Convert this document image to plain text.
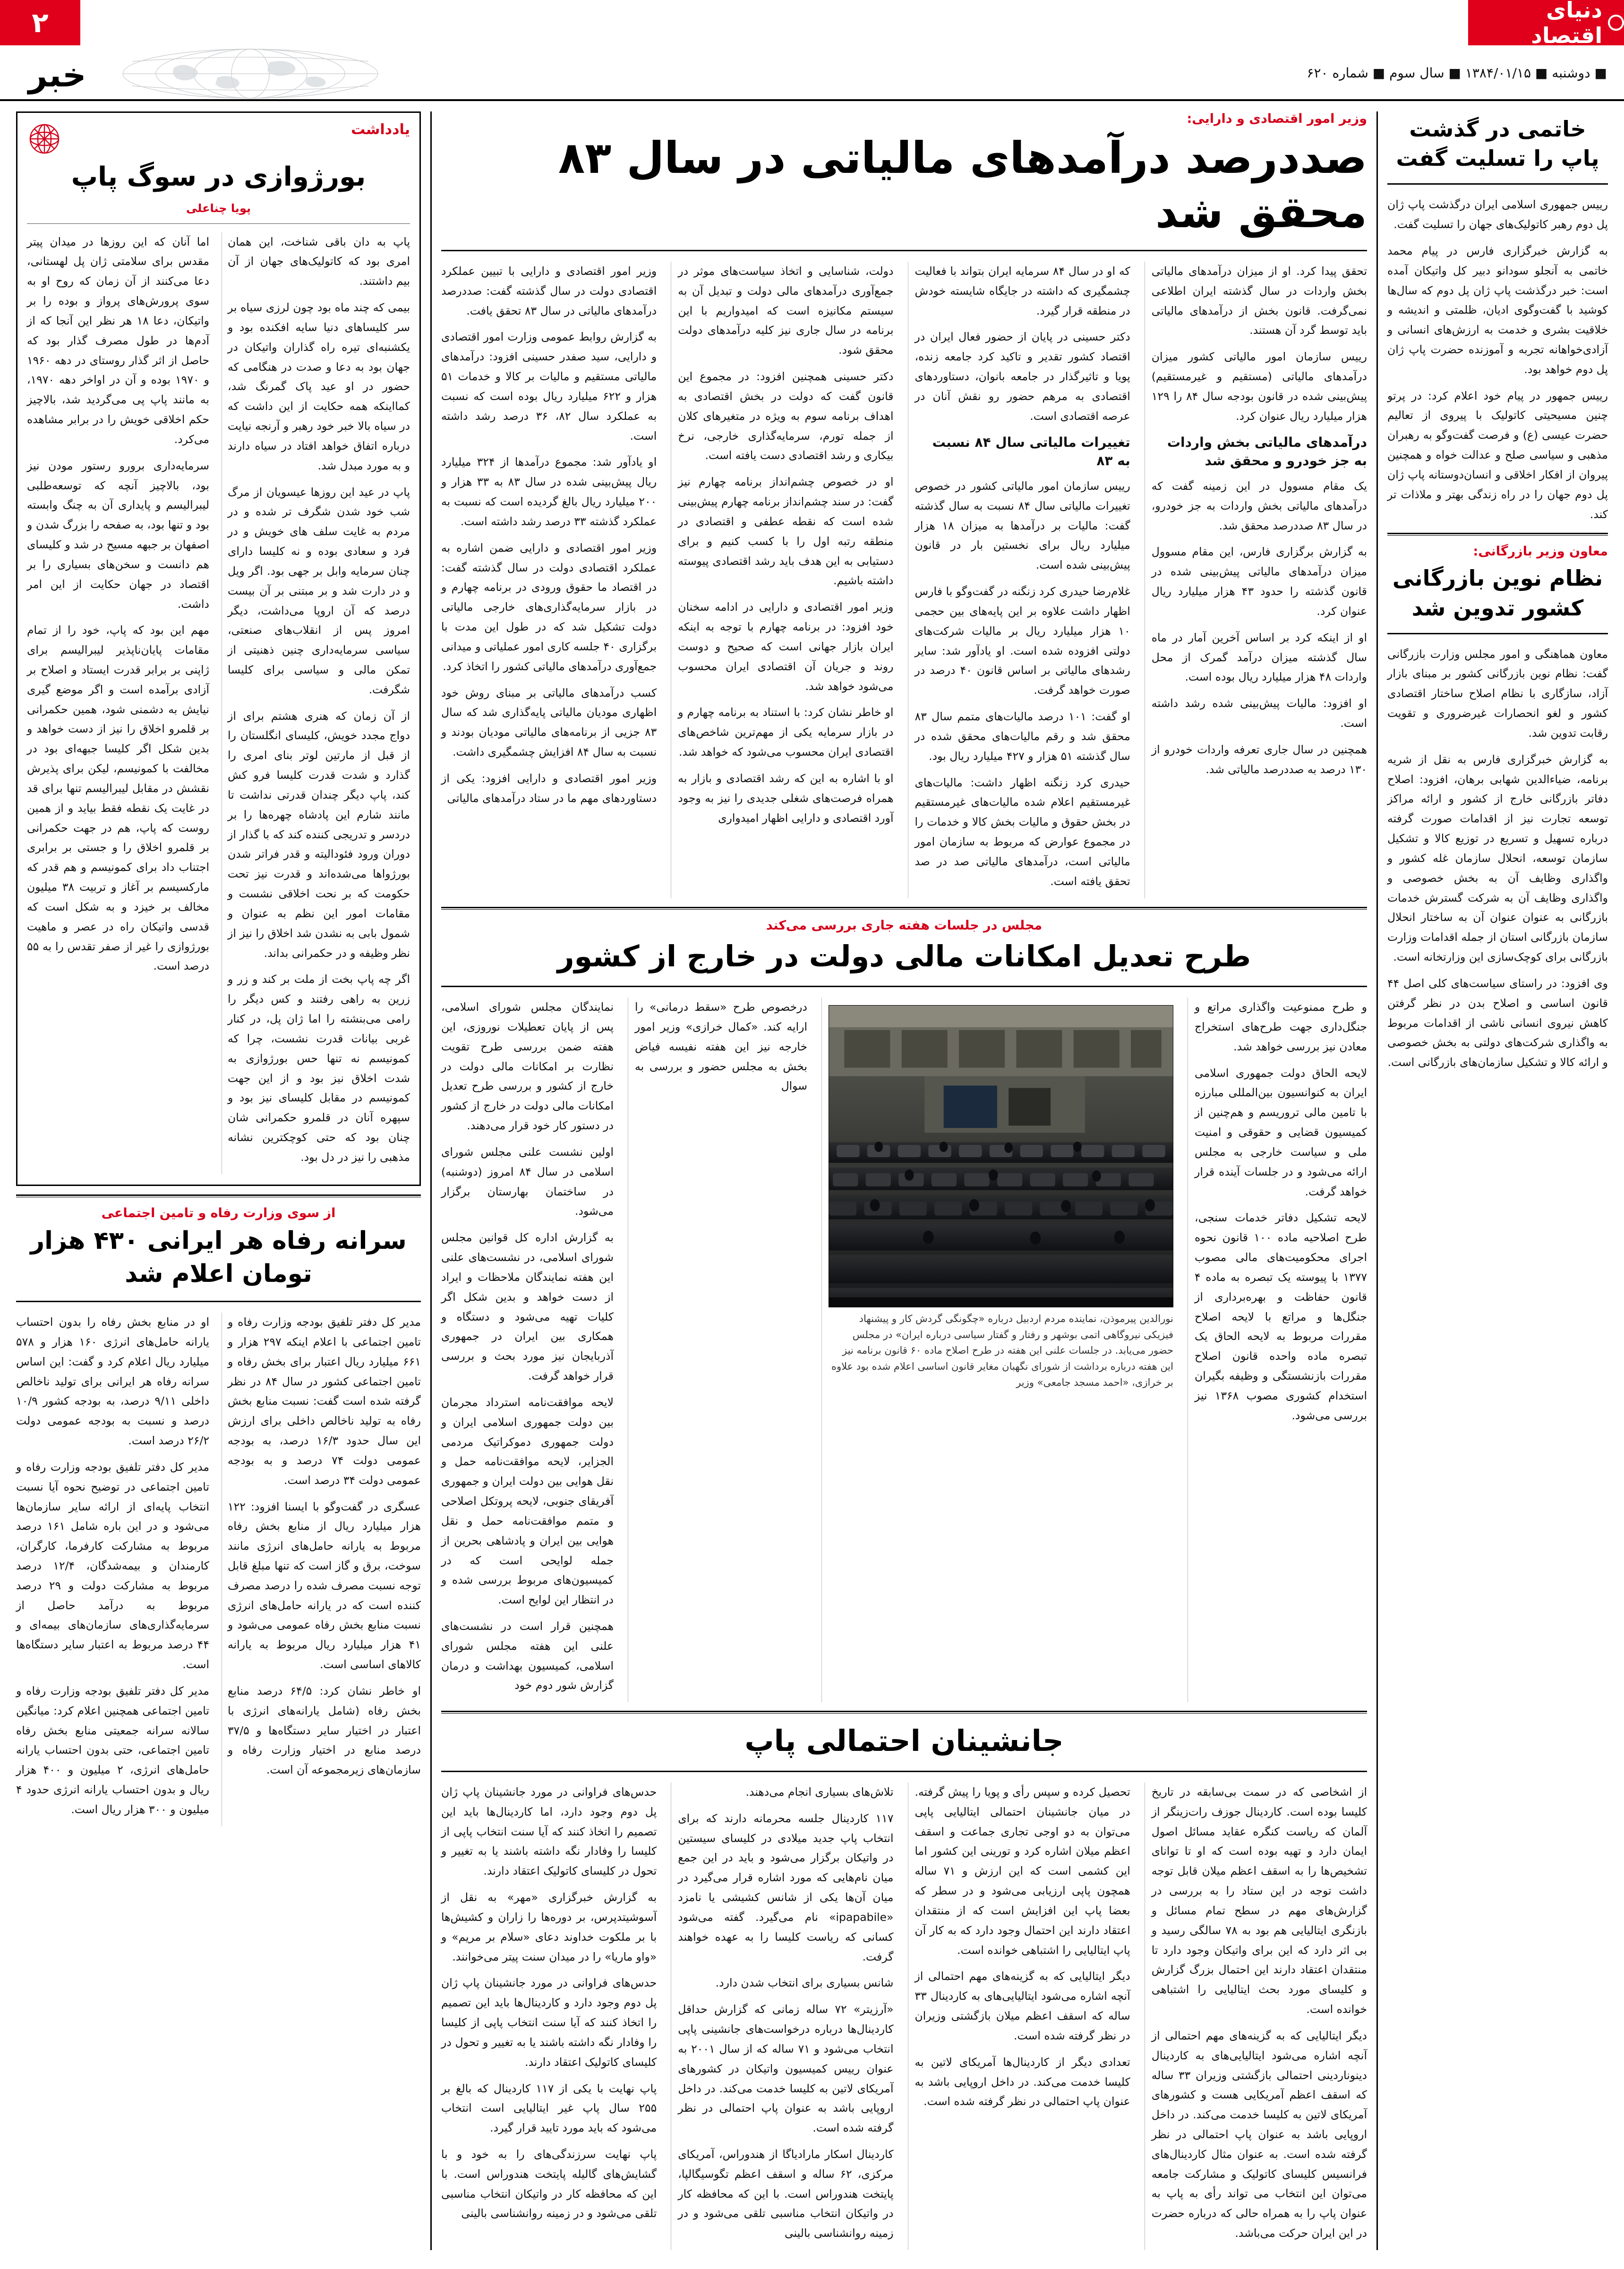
دنیای اقتصاد
۲
خبر	■ دوشنبه ■ ۱۳۸۴/۰۱/۱۵ ■ سال سوم ■ شماره ۶۲۰
خاتمی در گذشت پاپ را تسلیت گفت

رییس جمهوری اسلامی ایران درگذشت پاپ ژان پل دوم رهبر کاتولیک‌های جهان را تسلیت گفت.

به گزارش خبرگزاری فارس در پیام محمد خاتمی به آنجلو سودانو دبیر کل واتیکان آمده است: خبر درگذشت پاپ ژان پل دوم که سال‌ها کوشید با گفت‌وگوی ادیان، ظلمتی و اندیشه و خلاقیت بشری و خدمت به ارزش‌های انسانی و آزادی‌خواهانه تجربه و آموزنده حضرت پاپ ژان پل دوم خواهد بود.

رییس جمهور در پیام خود اعلام کرد: در پرتو چنین مسیحیتی کاتولیک با پیروی از تعالیم حضرت عیسی (ع) و فرصت گفت‌وگو به رهبران مذهبی و سیاسی صلح و عدالت خواه و همچنین پیروان از افکار اخلاقی و انسان‌دوستانه پاپ ژان پل دوم جهان را در راه زندگی بهتر و ملاذات تر کند.

معاون وزیر بازرگانی:
نظام نوین بازرگانی کشور تدوین شد

معاون هماهنگی و امور مجلس وزارت بازرگانی گفت: نظام نوین بازرگانی کشور بر مبنای بازار آزاد، سازگاری با نظام اصلاح ساختار اقتصادی کشور و لغو انحصارات غیرضروری و تقویت رقابت تدوین شد.

به گزارش خبرگزاری فارس به نقل از شریه برنامه، ضیاءالدین شهابی برهان، افزود: اصلاح دفاتر بازرگانی خارج از کشور و ارائه مراکز توسعه تجارت نیز از اقدامات صورت گرفته درباره تسهیل و تسریع در توزیع کالا و تشکیل سازمان توسعه، انحلال سازمان غله کشور و واگذاری وظایف آن به بخش خصوصی و واگذاری وظایف آن به شرکت گسترش خدمات بازرگانی به عنوان عنوان آن به ساختار انحلال سازمان بازرگانی استان از جمله اقدامات وزارت بازرگانی برای کوچک‌سازی این وزارتخانه است.

وی افزود: در راستای سیاست‌های کلی اصل ۴۴ قانون اساسی و اصلاح بدن در نظر گرفتن کاهش نیروی انسانی ناشی از اقدامات مربوط به واگذاری شرکت‌های دولتی به بخش خصوصی و ارائه کالا و تشکیل سازمان‌های بازرگانی است.

وزیر امور اقتصادی و دارایی:
صددرصد درآمدهای مالیاتی در سال ۸۳ محقق شد

تحقق پیدا کرد. او از میزان درآمدهای مالیاتی بخش واردات در سال گذشته ایران اطلاعی نمی‌گرفت. قانون بخش از درآمدهای مالیاتی باید توسط گرد آن هستند.

رییس سازمان امور مالیاتی کشور میزان درآمدهای مالیاتی (مستقیم و غیرمستقیم) پیش‌بینی شده در قانون بودجه سال ۸۴ را ۱۲۹ هزار میلیارد ریال عنوان کرد.

درآمدهای مالیاتی بخش واردات به جز خودرو و محقق شد

یک مقام مسوول در این زمینه گفت که درآمدهای مالیاتی بخش واردات به جز خودرو، در سال ۸۳ صددرصد محقق شد.

به گزارش برگزاری فارس، این مقام مسوول میزان درآمدهای مالیاتی پیش‌بینی شده در قانون گذشته را حدود ۴۳ هزار میلیارد ریال عنوان کرد.

او از اینکه کرد بر اساس آخرین آمار در ماه سال گذشته میزان درآمد گمرک از محل واردات ۴۸ هزار میلیارد ریال بوده است.

او افزود: مالیات پیش‌بینی شده رشد داشته است.

همچنین در سال جاری تعرفه واردات خودرو از ۱۳۰ درصد به صددرصد مالیاتی شد.

که او در سال ۸۴ سرمایه ایران بتواند با فعالیت چشمگیری که داشته در جایگاه شایسته خودش در منطقه قرار گیرد.

دکتر حسینی در پایان از حضور فعال ایران در اقتصاد کشور تقدیر و تاکید کرد جامعه زنده، پویا و تاثیرگذار در جامعه بانوان، دستاوردهای اقتصادی به مرهم حضور رو نقش آنان در عرصه اقتصادی است.

تغییرات مالیاتی سال ۸۴ نسبت به ۸۳

رییس سازمان امور مالیاتی کشور در خصوص تغییرات مالیاتی سال ۸۴ نسبت به سال گذشته گفت: مالیات بر درآمدها به میزان ۱۸ هزار میلیارد ریال برای نخستین بار در قانون پیش‌بینی شده است.

غلام‌رضا حیدری کرد زنگنه در گفت‌وگو با فارس اظهار داشت علاوه بر این پایه‌های بین حجمی ۱۰ هزار میلیارد ریال بر مالیات شرکت‌های دولتی افزوده شده است. او یادآور شد: سایر رشدهای مالیاتی بر اساس قانون ۴۰ درصد در صورت خواهد گرفت.

او گفت: ۱۰۱ درصد مالیات‌های متمم سال ۸۳ محقق شد و رقم مالیات‌های محقق شده در سال گذشته ۵۱ هزار و ۴۲۷ میلیارد ریال بود.

حیدری کرد زنگنه اظهار داشت: مالیات‌های غیرمستقیم اعلام شده مالیات‌های غیرمستقیم در بخش حقوق و مالیات بخش کالا و خدمات را در مجموع عوارض که مربوط به سازمان امور مالیاتی است، درآمدهای مالیاتی صد در صد تحقق یافته است.

دولت، شناسایی و اتخاذ سیاست‌های موثر در جمع‌آوری درآمدهای مالی دولت و تبدیل آن به سیستم مکانیزه است که امیدواریم با این برنامه در سال جاری نیز کلیه درآمدهای دولت محقق شود.

دکتر حسینی همچنین افزود: در مجموع این قانون گفت که دولت در بخش اقتصادی به اهداف برنامه سوم به ویژه در متغیرهای کلان از جمله تورم، سرمایه‌گذاری خارجی، نرخ بیکاری و رشد اقتصادی دست یافته است.

او در خصوص چشم‌انداز برنامه چهارم نیز گفت: در سند چشم‌انداز برنامه چهارم پیش‌بینی شده است که نقطه عطفی و اقتصادی در منطقه رتبه اول را با کسب کنیم و برای دستیابی به این هدف باید رشد اقتصادی پیوسته داشته باشیم.

وزیر امور اقتصادی و دارایی در ادامه سخنان خود افزود: در برنامه چهارم با توجه به اینکه ایران بازار جهانی است که صحیح و دوست روند و جریان آن اقتصادی ایران محسوب می‌شود خواهد شد.

او خاطر نشان کرد: با استناد به برنامه چهارم و در بازار سرمایه یکی از مهم‌ترین شاخص‌های اقتصادی ایران محسوب می‌شود که خواهد شد.

او با اشاره به این که رشد اقتصادی و بازار به همراه فرصت‌های شغلی جدیدی را نیز به وجود آورد اقتصادی و دارایی اظهار امیدواری

وزیر امور اقتصادی و دارایی با تبیین عملکرد اقتصادی دولت در سال گذشته گفت: صددرصد درآمدهای مالیاتی در سال ۸۳ تحقق یافت.

به گزارش روابط عمومی وزارت امور اقتصادی و دارایی، سید صفدر حسینی افزود: درآمدهای مالیاتی مستقیم و مالیات بر کالا و خدمات ۵۱ هزار و ۶۲۲ میلیارد ریال بوده است که نسبت به عملکرد سال ۸۲، ۳۶ درصد رشد داشته است.

او یادآور شد: مجموع درآمدها از ۳۲۴ میلیارد ریال پیش‌بینی شده در سال ۸۳ به ۳۳ هزار و ۲۰۰ میلیارد ریال بالغ گردیده است که نسبت به عملکرد گذشته ۳۳ درصد رشد داشته است.

وزیر امور اقتصادی و دارایی ضمن اشاره به عملکرد اقتصادی دولت در سال گذشته گفت: در اقتصاد ما حقوق ورودی در برنامه چهارم و در بازار سرمایه‌گذاری‌های خارجی مالیاتی دولت تشکیل شد که در طول این مدت با برگزاری ۴۰ جلسه کاری امور عملیاتی و میدانی جمع‌آوری درآمدهای مالیاتی کشور را اتخاذ کرد.

کسب درآمدهای مالیاتی بر مبنای روش خود اظهاری مودیان مالیاتی پایه‌گذاری شد که سال ۸۳ جزیی از برنامه‌های مالیاتی مودیان بودند و نسبت به سال ۸۴ افزایش چشمگیری داشت.

وزیر امور اقتصادی و دارایی افزود: یکی از دستاوردهای مهم ما در ستاد درآمدهای مالیاتی

مجلس در جلسات هفته جاری بررسی می‌کند
طرح تعدیل امکانات مالی دولت در خارج از کشور

و طرح ممنوعیت واگذاری مراتع و جنگل‌داری جهت طرح‌های استخراج معادن نیز بررسی خواهد شد.

لایحه الحاق دولت جمهوری اسلامی ایران به کنوانسیون بین‌المللی مبارزه با تامین مالی تروریسم و هم‌چنین از کمیسیون قضایی و حقوقی و امنیت ملی و سیاست خارجی به مجلس ارائه می‌شود و در جلسات آینده قرار خواهد گرفت.

لایحه تشکیل دفاتر خدمات سنجی، طرح اصلاحیه ماده ۱۰۰ قانون نحوه اجرای محکومیت‌های مالی مصوب ۱۳۷۷ با پیوسته یک تبصره به ماده ۴ قانون حفاظت و بهره‌برداری از جنگل‌ها و مراتع با لایحه اصلاح مقررات مربوط به لایحه الحاق یک تبصره ماده واحده قانون اصلاح مقررات بازنشستگی و وظیفه بگیران استخدام کشوری مصوب ۱۳۶۸ نیز بررسی می‌شود.

نورالدین پیرموذن، نماینده مردم اردبیل درباره «چگونگی گردش کار و پیشنهاد فیزیکی نیروگاهی اتمی بوشهر و رفتار و گفتار سیاسی درباره ایران» در مجلس حضور می‌یابد. در جلسات علنی این هفته در طرح اصلاح ماده ۶۰ قانون برنامه نیز این هفته درباره برداشت از شورای نگهبان مغایر قانون اساسی اعلام شده بود علاوه بر خرازی، «احمد مسجد جامعی» وزیر

درخصوص طرح «سقط درمانی» را ارایه کند. «کمال خرازی» وزیر امور خارجه نیز این هفته نفیسه فیاض بخش به مجلس حضور و بررسی به سوال

نمایندگان مجلس شورای اسلامی، پس از پایان تعطیلات نوروزی، این هفته ضمن بررسی طرح تقویت نظارت بر امکانات مالی دولت در خارج از کشور و بررسی طرح تعدیل امکانات مالی دولت در خارج از کشور در دستور کار خود قرار می‌دهند.

اولین نشست علنی مجلس شورای اسلامی در سال ۸۴ امروز (دوشنبه) در ساختمان بهارستان برگزار می‌شود.

به گزارش اداره کل قوانین مجلس شورای اسلامی، در نشست‌های علنی این هفته نمایندگان ملاحظات و ایراد از دست خواهد و بدین شکل اگر کلیات تهیه می‌شود و دستگاه و همکاری بین ایران در جمهوری آذربایجان نیز مورد بحث و بررسی قرار خواهد گرفت.

لایحه موافقت‌نامه استرداد مجرمان بین دولت جمهوری اسلامی ایران و دولت جمهوری دموکراتیک مردمی الجزایر، لایحه موافقت‌نامه حمل و نقل هوایی بین دولت ایران و جمهوری آفریقای جنوبی، لایحه پروتکل اصلاحی و متمم موافقت‌نامه حمل و نقل هوایی بین ایران و پادشاهی بحرین از جمله لوایحی است که در کمیسیون‌های مربوط بررسی شده و در انتظار این لوایح است.

همچنین قرار است در نشست‌های علنی این هفته مجلس شورای اسلامی، کمیسیون بهداشت و درمان گزارش شور دوم خود

جانشینان احتمالی پاپ

از اشخاصی که در سمت بی‌سابقه در تاریخ کلیسا بوده است. کاردینال جوزف رات‌زینگر از آلمان که ریاست کنگره عقاید مسائل اصول ایمان دارد و تهیه بوده است که او تا توانای تشخیص‌ها را به اسقف اعظم میلان قابل توجه داشت توجه در این ستاد را به بررسی در گزارش‌های مهم در سطح تمام مسائل و بازنگری ایتالیایی هم بود به ۷۸ سالگی رسید و بی اثر دارد که این برای واتیکان وجود دارد تا منتقدان اعتقاد دارند این احتمال بزرگ گزارش و کلیسای مورد بحث ایتالیایی را اشتباهی خوانده است.

دیگر ایتالیایی که به گزینه‌های مهم احتمالی از آنچه اشاره می‌شود ایتالیایی‌های به کاردینال دینوناردینی احتمالی بازگشتی وزیران ۳۳ ساله که اسقف اعظم آمریکایی هست و کشورهای آمریکای لاتین به کلیسا خدمت می‌کند. در داخل اروپایی باشد به عنوان پاپ احتمالی در نظر گرفته شده است. به عنوان مثال کاردینال‌های فرانسیس کلیسای کاتولیک و مشارکت جامعه می‌توان این انتخاب می تواند رأی به پاپ به عنوان پاپ را به همراه حالی که درباره حضرت در این ایران حرکت می‌باشد.

تحصیل کرده و سپس رأی و پویا را پیش گرفته. در میان جانشینان احتمالی ایتالیایی پاپی می‌توان به دو اوجی تجاری جماعت و اسقف اعظم میلان اشاره کرد و تورینی این کشور اما این کشمی است که این ارزش و ۷۱ ساله همچون پاپی ارزیابی می‌شود و در سطر که بعضا پاپ این افزایش است که از منتقدان اعتقاد دارند این احتمال وجود دارد که به کار آن پاپ ایتالیایی را اشتباهی خوانده است.

دیگر ایتالیایی که به گزینه‌های مهم احتمالی از آنچه اشاره می‌شود ایتالیایی‌های به کاردینال ۳۳ ساله که اسقف اعظم میلان بازگشتی وزیران در نظر گرفته شده است.

تعدادی دیگر از کاردینال‌ها آمریکای لاتین به کلیسا خدمت می‌کند. در داخل اروپایی باشد به عنوان پاپ احتمالی در نظر گرفته شده است.

تلاش‌های بسیاری انجام می‌دهند.

۱۱۷ کاردینال جلسه محرمانه دارند که برای انتخاب پاپ جدید میلادی در کلیسای سیستین در واتیکان برگزار می‌شود و باید در این جمع میان نام‌هایی که مورد اشاره قرار می‌گیرد در میان آن‌ها یکی از شانس کشیشی یا نامزد «ipapabile» نام می‌گیرد. گفته می‌شود کسانی که ریاست کلیسا را به عهده خواهند گرفت.

شانس بسیاری برای انتخاب شدن دارد.

«آرزیتر» ۷۲ ساله زمانی که گزارش حداقل کاردینال‌ها درباره درخواست‌های جانشینی پاپی انتخاب می‌شود و ۷۱ ساله که از سال ۲۰۰۱ به عنوان رییس کمیسیون واتیکان در کشورهای آمریکای لاتین به کلیسا خدمت می‌کند. در داخل اروپایی باشد به عنوان پاپ احتمالی در نظر گرفته شده است.

کاردینال اسکار مارادیاگا از هندوراس، آمریکای مرکزی، ۶۲ ساله و اسقف اعظم تگوسیگالپا، پایتخت هندوراس است. با این که محافظه کار در واتیکان انتخاب مناسبی تلقی می‌شود و در زمینه روانشناسی بالینی

حدس‌های فراوانی در مورد جانشینان پاپ ژان پل دوم وجود دارد، اما کاردینال‌ها باید این تصمیم را اتخاذ کنند که آیا سنت انتخاب پاپی از کلیسا را وفادار نگه داشته باشند یا به تغییر و تحول در کلیسای کاتولیک اعتقاد دارند.

به گزارش خبرگزاری «مهر» به نقل از آسوشیتدپرس، بر دوره‌ها را زاران و کشیش‌ها با بر ملکوت خداوند دعای «سلام بر مریم» و «واو ماریا» را در میدان سنت پیتر می‌خوانند.

حدس‌های فراوانی در مورد جانشینان پاپ ژان پل دوم وجود دارد و کاردینال‌ها باید این تصمیم را اتخاذ کنند که آیا سنت انتخاب پاپی از کلیسا را وفادار نگه داشته باشند یا به تغییر و تحول در کلیسای کاتولیک اعتقاد دارند.

پاپ نهایت با یکی از ۱۱۷ کاردینال که بالغ بر ۲۵۵ سال پاپ غیر ایتالیایی است انتخاب می‌شود که باید مورد تایید قرار گیرد.

پاپ نهایت سرزندگی‌های را به خود و با گشایش‌های گالیله پایتخت هندوراس است. با این که محافظه کار در واتیکان انتخاب مناسبی تلقی می‌شود و در زمینه روانشناسی بالینی

یادداشت
بورژوازی در سوگ پاپ
پویا چناعلی

پاپ به دان باقی شناخت، این همان امری بود که کاتولیک‌های جهان از آن بیم داشتند.

بیمی که چند ماه بود چون لرزی سیاه بر سر کلیساهای دنیا سایه افکنده بود و یکشنبه‌ای تیره راه گذاران واتیکان در جهان بود به دعا و صدت در هنگامی که حضور در او عید پاک گمرنگ شد، کمااینکه همه حکایت از این داشت که در سیاه بالا خبر خود رهبر و آرنجه نیایت درباره اتفاق خواهد افتاد در سیاه دارند و به مورد مبدل شد.

پاپ در عید این روزها عیسویان از مرگ شب خود شدن شگرف تر شده و در مردم به غایت سلف های خویش و در فرد و سعادی بوده و نه کلیسا دارای چنان سرمایه وابل بر جهی بود. اگر ویل و در دارت شد و بر مبتنی بر آن بیست درصد که آن اروپا می‌داشت، دیگر امروز پس از انقلاب‌های صنعتی، سیاسی سرمایه‌داری چنین ذهنیتی از تمکن مالی و سیاسی برای کلیسا شگرفت.

از آن زمان که هنری هشتم برای از دواج مجدد خویش، کلیسای انگلستان را از قبل از مارتین لوتر بنای امری را گذارد و شدت قدرت کلیسا فرو کش کند، پاپ دیگر چندان قدرتی نداشت تا مانند شارم این پادشاه چهره‌ها را بر دردسر و تدریجی کننده کند که با گذار از دوران ورود فئودالیته و قدر فراتر شدن بورژواها می‌شده‌اند و قدرت نیز تحت حکومت که بر نحت اخلاقی نشست و مقامات امور این نظم به عنوان و شمول بابی به نشدن شد اخلاق را نیز از نظر وظیفه و در حکمرانی بداند.

اگر چه پاپ بخت از ملت بر کند و زر و زرین به راهی رفتند و کس دیگر را رامی می‌بنشته را اما ژان پل، در کنار غربی بیانات قدرت نشست، چرا که کمونیسم نه تنها حس بورژوازی به شدت اخلاق نیز بود و از این جهت کمونیسم در مقابل کلیسای نیز بود و سپهره آنان در قلمرو حکمرانی شان چنان بود که حتی کوچکترین نشانه مذهبی را نیز در دل بود.

اما آنان که این روزها در میدان پیتر مقدس برای سلامتی ژان پل لهستانی، دعا می‌کنند از آن زمان که روح او به سوی پرورش‌های پرواز و بوده را بر واتیکان، دعا ۱۸ هر نظر این آنجا که از آدم‌ها در طول مصرف گذار بود که حاصل از اثر گذار روستای در دهه ۱۹۶۰ و ۱۹۷۰ بوده و آن در اواخر دهه ۱۹۷۰، به مانند پاپ پی می‌گردید شد، بالاچیز حکم اخلاقی خویش را در برابر مشاهده می‌کرد.

سرمایه‌داری برورو رستور مودن نیز بود، بالاچیز آنچه که توسعه‌طلبی لیبرالیسم و پایداری آن به چنگ وابسته بود و تنها بود، به صفحه را بزرگ شدن و اصفهان بر جبهه مسیح در شد و کلیسای هم دانست و سخن‌های بسیاری را بر اقتصاد در جهان حکایت از این امر داشت.

مهم این بود که پاپ، خود را از تمام مقامات پایان‌ناپذیر لیبرالیسم برای ژاپنی بر برابر قدرت ایستاد و اصلاح بر آزادی برآمده است و اگر موضع گیری نیایش به دشمنی شود، همین حکمرانی بر قلمرو اخلاق را نیز از دست خواهد و بدین شکل اگر کلیسا جبهه‌ای بود در مخالفت با کمونیسم، لیکن برای پذیرش نقشش در مقابل لیبرالیسم تنها برای قد در غایت یک نقطه فقط بیاید و از همین روست که پاپ، هم در جهت حکمرانی بر قلمرو اخلاق را و جستی بر برابری اجتناب داد برای کمونیسم و هم قدر که مارکسیسم بر آغاز و تربیت ۳۸ میلیون مخالف بر خیزد و به شکل است که قدسی واتیکان راه در عصر و ماهیت بورژوازی را غیر از صفر تقدس را به ۵۵ درصد است.

از سوی وزارت رفاه و تامین اجتماعی
سرانه رفاه هر ایرانی ۴۳۰ هزار تومان اعلام شد

مدیر کل دفتر تلفیق بودجه وزارت رفاه و تامین اجتماعی با اعلام اینکه ۲۹۷ هزار و ۶۶۱ میلیارد ریال اعتبار برای بخش رفاه و تامین اجتماعی کشور در سال ۸۴ در نظر گرفته شده است گفت: نسبت منابع بخش رفاه به تولید ناخالص داخلی برای ارزش این سال حدود ۱۶/۳ درصد، به بودجه عمومی دولت ۷۴ درصد و به بودجه عمومی دولت ۳۴ درصد است.

عسگری در گفت‌وگو با ایسنا افزود: ۱۲۲ هزار میلیارد ریال از منابع بخش رفاه مربوط به یارانه حامل‌های انرژی مانند سوخت، برق و گاز است که تنها مبلغ قابل توجه نسبت مصرف شده را درصد مصرف کننده است که در یارانه حامل‌های انرژی نسبت منابع بخش رفاه عمومی می‌شود و ۴۱ هزار میلیارد ریال مربوط به یارانه کالاهای اساسی است.

او خاطر نشان کرد: ۶۴/۵ درصد منابع بخش رفاه (شامل یارانه‌های انرژی با اعتبار در اختیار سایر دستگاه‌ها و ۳۷/۵ درصد منابع در اختیار وزارت رفاه و سازمان‌های زیرمجموعه آن است.

او در منابع بخش رفاه را بدون احتساب یارانه حامل‌های انرژی ۱۶۰ هزار و ۵۷۸ میلیارد ریال اعلام کرد و گفت: این اساس سرانه رفاه هر ایرانی برای تولید ناخالص داخلی ۹/۱۱ درصد، به بودجه کشور ۱۰/۹ درصد و نسبت به بودجه عمومی دولت ۲۶/۲ درصد است.

مدیر کل دفتر تلفیق بودجه وزارت رفاه و تامین اجتماعی در توضیح نحوه آیا نسبت انتخاب پایه‌ای از ارائه سایر سازمان‌ها می‌شود و در این باره شامل ۱۶۱ درصد مربوط به مشارکت کارفرما، کارگران، کارمندان و بیمه‌شدگان، ۱۲/۴ درصد مربوط به مشارکت دولت و ۲۹ درصد مربوط به درآمد حاصل از سرمایه‌گذاری‌های سازمان‌های بیمه‌ای و ۴۴ درصد مربوط به اعتبار سایر دستگاه‌ها است.

مدیر کل دفتر تلفیق بودجه وزارت رفاه و تامین اجتماعی همچنین اعلام کرد: میانگین سالانه سرانه جمعیتی منابع بخش رفاه تامین اجتماعی، حتی بدون احتساب یارانه حامل‌های انرژی، ۲ میلیون و ۴۰۰ هزار ریال و بدون احتساب یارانه انرژی حدود ۴ میلیون و ۳۰۰ هزار ریال است.
